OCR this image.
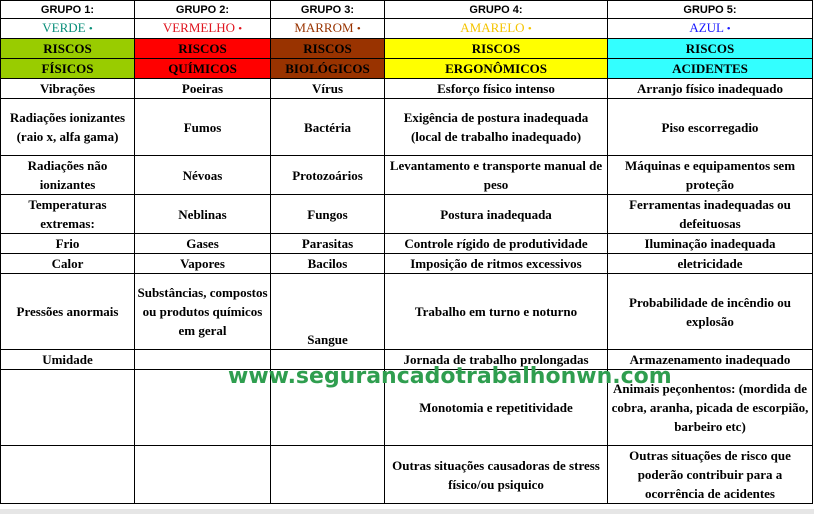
GRUPO 1:	GRUPO 2:	GRUPO 3:	GRUPO 4:	GRUPO 5:
VERDE •	VERMELHO •	MARROM •	AMARELO •	AZUL •
RISCOS	RISCOS	RISCOS	RISCOS	RISCOS
FÍSICOS	QUÍMICOS	BIOLÓGICOS	ERGONÔMICOS	ACIDENTES
Vibrações	Poeiras	Vírus	Esforço físico intenso	Arranjo físico inadequado
Radiações ionizantes (raio x, alfa gama)	Fumos	Bactéria	Exigência de postura inadequada (local de trabalho inadequado)	Piso escorregadio
Radiações não ionizantes	Névoas	Protozoários	Levantamento e transporte manual de peso	Máquinas e equipamentos sem proteção
Temperaturas extremas:	Neblinas	Fungos	Postura inadequada	Ferramentas inadequadas ou defeituosas
Frio	Gases	Parasitas	Controle rígido de produtividade	Iluminação inadequada
Calor	Vapores	Bacilos	Imposição de ritmos excessivos	eletricidade
Pressões anormais	Substâncias, compostos ou produtos químicos em geral	Sangue	Trabalho em turno e noturno	Probabilidade de incêndio ou explosão
Umidade			Jornada de trabalho prolongadas	Armazenamento inadequado
			Monotomia e repetitividade	Animais peçonhentos: (mordida de cobra, aranha, picada de escorpião, barbeiro etc)
			Outras situações causadoras de stress físico/ou psiquico	Outras situações de risco que poderão contribuir para a ocorrência de acidentes
www.segurancadotrabalhonwn.com
